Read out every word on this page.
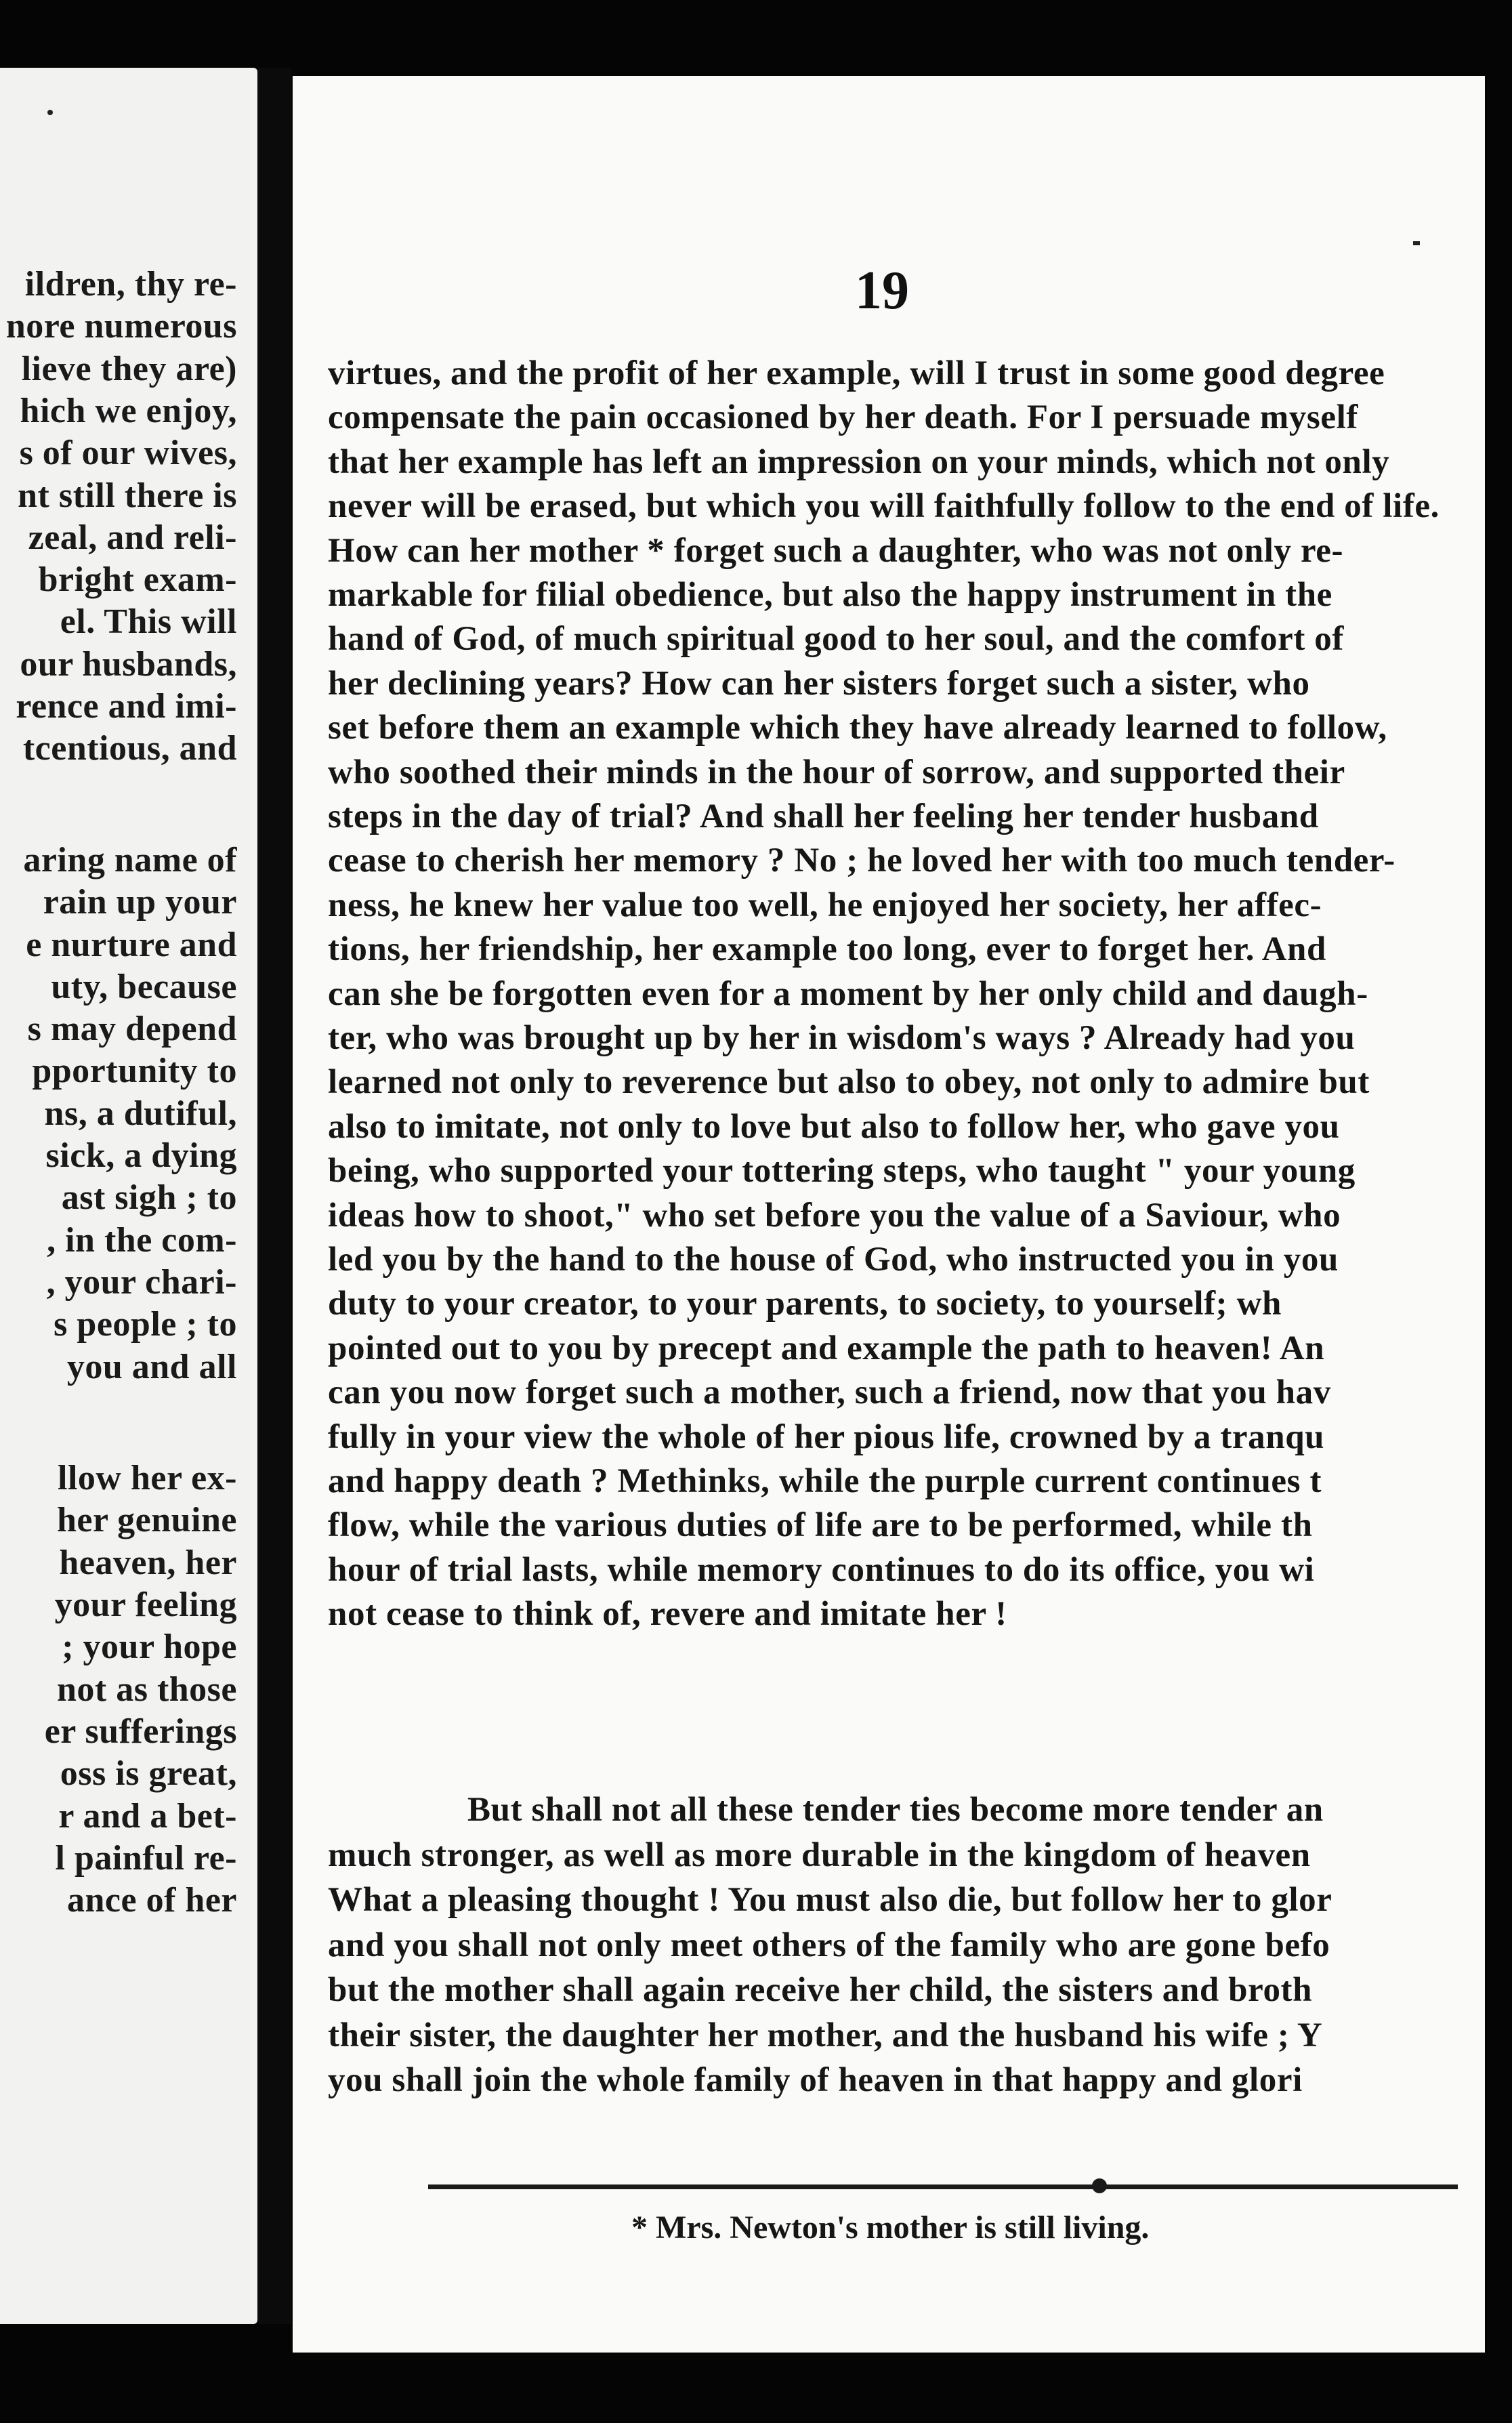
ildren, thy re-
nore numerous
lieve they are)
hich we enjoy,
s of our wives,
nt still there is
zeal, and reli-
bright exam-
el. This will
our husbands,
rence and imi-
tcentious, and
aring name of
rain up your
e nurture and
uty, because
s may depend
pportunity to
ns, a dutiful,
sick, a dying
ast sigh ; to
, in the com-
, your chari-
s people ; to
you and all
llow her ex-
her genuine
heaven, her
your feeling
; your hope
not as those
er sufferings
oss is great,
r and a bet-
l painful re-
ance of her
19
virtues, and the profit of her example, will I trust in some good degree
compensate the pain occasioned by her death. For I persuade myself
that her example has left an impression on your minds, which not only
never will be erased, but which you will faithfully follow to the end of life.
How can her mother * forget such a daughter, who was not only re-
markable for filial obedience, but also the happy instrument in the
hand of God, of much spiritual good to her soul, and the comfort of
her declining years? How can her sisters forget such a sister, who
set before them an example which they have already learned to follow,
who soothed their minds in the hour of sorrow, and supported their
steps in the day of trial? And shall her feeling her tender husband
cease to cherish her memory ? No ; he loved her with too much tender-
ness, he knew her value too well, he enjoyed her society, her affec-
tions, her friendship, her example too long, ever to forget her. And
can she be forgotten even for a moment by her only child and daugh-
ter, who was brought up by her in wisdom's ways ? Already had you
learned not only to reverence but also to obey, not only to admire but
also to imitate, not only to love but also to follow her, who gave you
being, who supported your tottering steps, who taught " your young
ideas how to shoot," who set before you the value of a Saviour, who
led you by the hand to the house of God, who instructed you in you
duty to your creator, to your parents, to society, to yourself; wh
pointed out to you by precept and example the path to heaven! An
can you now forget such a mother, such a friend, now that you hav
fully in your view the whole of her pious life, crowned by a tranqu
and happy death ? Methinks, while the purple current continues t
flow, while the various duties of life are to be performed, while th
hour of trial lasts, while memory continues to do its office, you wi
not cease to think of, revere and imitate her !
But shall not all these tender ties become more tender an
much stronger, as well as more durable in the kingdom of heaven
What a pleasing thought ! You must also die, but follow her to glor
and you shall not only meet others of the family who are gone befo
but the mother shall again receive her child, the sisters and broth
their sister, the daughter her mother, and the husband his wife ; Y
you shall join the whole family of heaven in that happy and glori
* Mrs. Newton's mother is still living.
